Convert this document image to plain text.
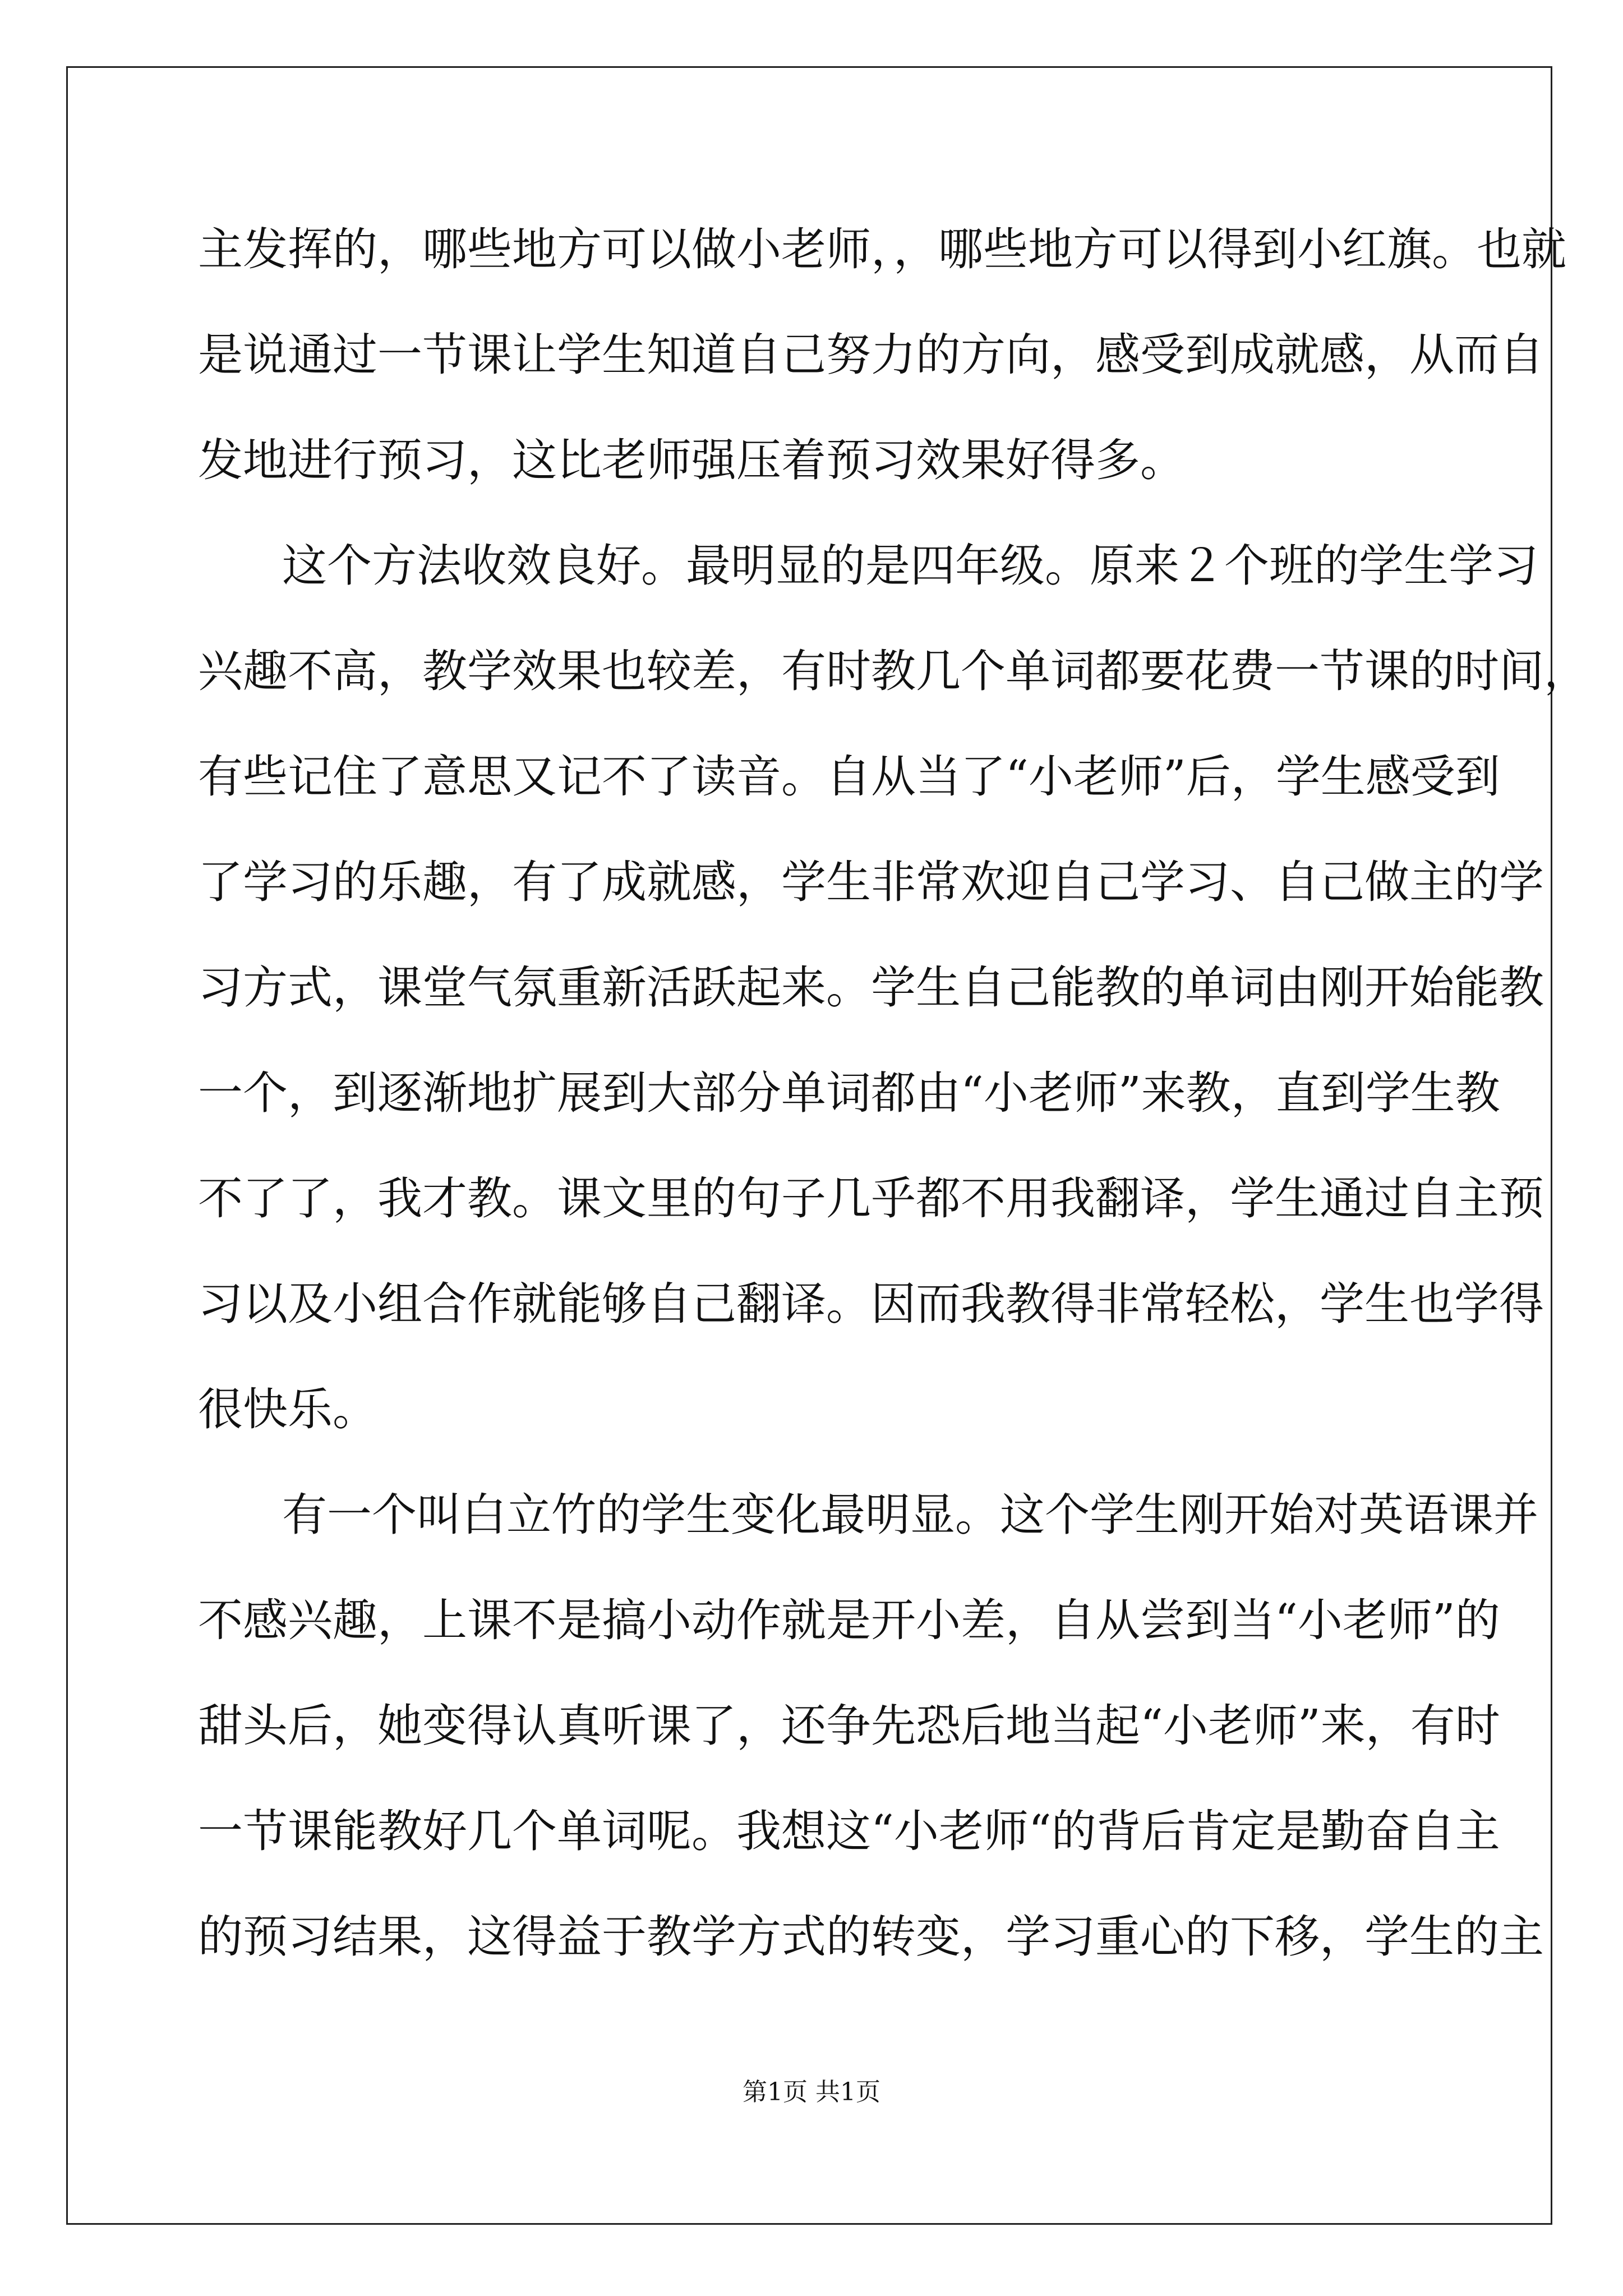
主发挥的，哪些地方可以做小老师，，哪些地方可以得到小红旗。也就
是说通过一节课让学生知道自己努力的方向，感受到成就感，从而自
发地进行预习，这比老师强压着预习效果好得多。
这个方法收效良好。最明显的是四年级。原来２个班的学生学习
兴趣不高，教学效果也较差，有时教几个单词都要花费一节课的时间，
有些记住了意思又记不了读音。自从当了“小老师”后，学生感受到
了学习的乐趣，有了成就感，学生非常欢迎自己学习、自己做主的学
习方式，课堂气氛重新活跃起来。学生自己能教的单词由刚开始能教
一个，到逐渐地扩展到大部分单词都由“小老师”来教，直到学生教
不了了，我才教。课文里的句子几乎都不用我翻译，学生通过自主预
习以及小组合作就能够自己翻译。因而我教得非常轻松，学生也学得
很快乐。
有一个叫白立竹的学生变化最明显。这个学生刚开始对英语课并
不感兴趣，上课不是搞小动作就是开小差，自从尝到当“小老师”的
甜头后，她变得认真听课了，还争先恐后地当起“小老师”来，有时
一节课能教好几个单词呢。我想这“小老师“的背后肯定是勤奋自主
的预习结果，这得益于教学方式的转变，学习重心的下移，学生的主
第1页 共1页
